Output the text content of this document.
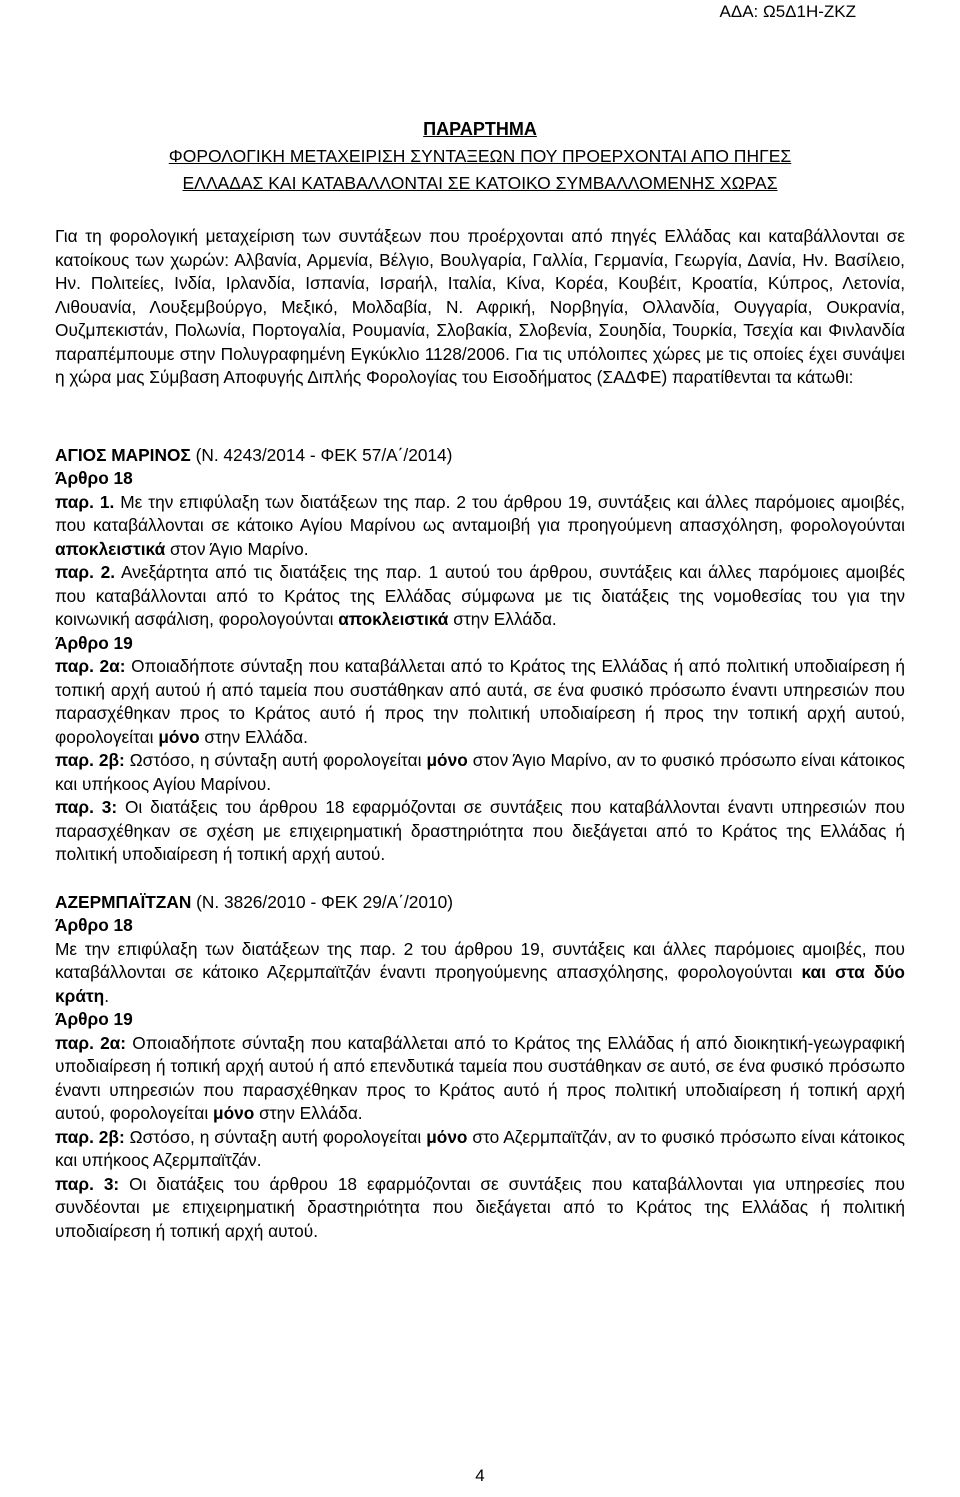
ΑΔΑ: Ω5Δ1Η-ΖΚΖ
ΠΑΡΑΡΤΗΜΑ
ΦΟΡΟΛΟΓΙΚΗ ΜΕΤΑΧΕΙΡΙΣΗ ΣΥΝΤΑΞΕΩΝ ΠΟΥ ΠΡΟΕΡΧΟΝΤΑΙ ΑΠΟ ΠΗΓΕΣ
ΕΛΛΑΔΑΣ ΚΑΙ ΚΑΤΑΒΑΛΛΟΝΤΑΙ ΣΕ ΚΑΤΟΙΚΟ ΣΥΜΒΑΛΛΟΜΕΝΗΣ ΧΩΡΑΣ

Για τη φορολογική μεταχείριση των συντάξεων που προέρχονται από πηγές Ελλάδας και καταβάλλονται σε κατοίκους των χωρών: Αλβανία, Αρμενία, Βέλγιο, Βουλγαρία, Γαλλία, Γερμανία, Γεωργία, Δανία, Ην. Βασίλειο, Ην. Πολιτείες, Ινδία, Ιρλανδία, Ισπανία, Ισραήλ, Ιταλία, Κίνα, Κορέα, Κουβέιτ, Κροατία, Κύπρος, Λετονία, Λιθουανία, Λουξεμβούργο, Μεξικό, Μολδαβία, Ν. Αφρική, Νορβηγία, Ολλανδία, Ουγγαρία, Ουκρανία, Ουζμπεκιστάν, Πολωνία, Πορτογαλία, Ρουμανία, Σλοβακία, Σλοβενία, Σουηδία, Τουρκία, Τσεχία και Φινλανδία παραπέμπουμε στην Πολυγραφημένη Εγκύκλιο 1128/2006. Για τις υπόλοιπες χώρες με τις οποίες έχει συνάψει η χώρα μας Σύμβαση Αποφυγής Διπλής Φορολογίας του Εισοδήματος (ΣΑΔΦΕ) παρατίθενται τα κάτωθι:

ΑΓΙΟΣ ΜΑΡΙΝΟΣ (Ν. 4243/2014 - ΦΕΚ 57/Α΄/2014)
Άρθρο 18

παρ. 1. Με την επιφύλαξη των διατάξεων της παρ. 2 του άρθρου 19, συντάξεις και άλλες παρόμοιες αμοιβές, που καταβάλλονται σε κάτοικο Αγίου Μαρίνου ως ανταμοιβή για προηγούμενη απασχόληση, φορολογούνται αποκλειστικά στον Άγιο Μαρίνο.

παρ. 2. Ανεξάρτητα από τις διατάξεις της παρ. 1 αυτού του άρθρου, συντάξεις και άλλες παρόμοιες αμοιβές που καταβάλλονται από το Κράτος της Ελλάδας σύμφωνα με τις διατάξεις της νομοθεσίας του για την κοινωνική ασφάλιση, φορολογούνται αποκλειστικά στην Ελλάδα.

Άρθρο 19

παρ. 2α: Οποιαδήποτε σύνταξη που καταβάλλεται από το Κράτος της Ελλάδας ή από πολιτική υποδιαίρεση ή τοπική αρχή αυτού ή από ταμεία που συστάθηκαν από αυτά, σε ένα φυσικό πρόσωπο έναντι υπηρεσιών που παρασχέθηκαν προς το Κράτος αυτό ή προς την πολιτική υποδιαίρεση ή προς την τοπική αρχή αυτού, φορολογείται μόνο στην Ελλάδα.

παρ. 2β: Ωστόσο, η σύνταξη αυτή φορολογείται μόνο στον Άγιο Μαρίνο, αν το φυσικό πρόσωπο είναι κάτοικος και υπήκοος Αγίου Μαρίνου.

παρ. 3: Οι διατάξεις του άρθρου 18 εφαρμόζονται σε συντάξεις που καταβάλλονται έναντι υπηρεσιών που παρασχέθηκαν σε σχέση με επιχειρηματική δραστηριότητα που διεξάγεται από το Κράτος της Ελλάδας ή πολιτική υποδιαίρεση ή τοπική αρχή αυτού.

ΑΖΕΡΜΠΑΪΤΖΑΝ (Ν. 3826/2010 - ΦΕΚ 29/Α΄/2010)
Άρθρο 18

Με την επιφύλαξη των διατάξεων της παρ. 2 του άρθρου 19, συντάξεις και άλλες παρόμοιες αμοιβές, που καταβάλλονται σε κάτοικο Αζερμπαϊτζάν έναντι προηγούμενης απασχόλησης, φορολογούνται και στα δύο κράτη.

Άρθρο 19

παρ. 2α: Οποιαδήποτε σύνταξη που καταβάλλεται από το Κράτος της Ελλάδας ή από διοικητική-γεωγραφική υποδιαίρεση ή τοπική αρχή αυτού ή από επενδυτικά ταμεία που συστάθηκαν σε αυτό, σε ένα φυσικό πρόσωπο έναντι υπηρεσιών που παρασχέθηκαν προς το Κράτος αυτό ή προς πολιτική υποδιαίρεση ή τοπική αρχή αυτού, φορολογείται μόνο στην Ελλάδα.

παρ. 2β: Ωστόσο, η σύνταξη αυτή φορολογείται μόνο στο Αζερμπαϊτζάν, αν το φυσικό πρόσωπο είναι κάτοικος και υπήκοος Αζερμπαϊτζάν.

παρ. 3: Οι διατάξεις του άρθρου 18 εφαρμόζονται σε συντάξεις που καταβάλλονται για υπηρεσίες που συνδέονται με επιχειρηματική δραστηριότητα που διεξάγεται από το Κράτος της Ελλάδας ή πολιτική υποδιαίρεση ή τοπική αρχή αυτού.

4
